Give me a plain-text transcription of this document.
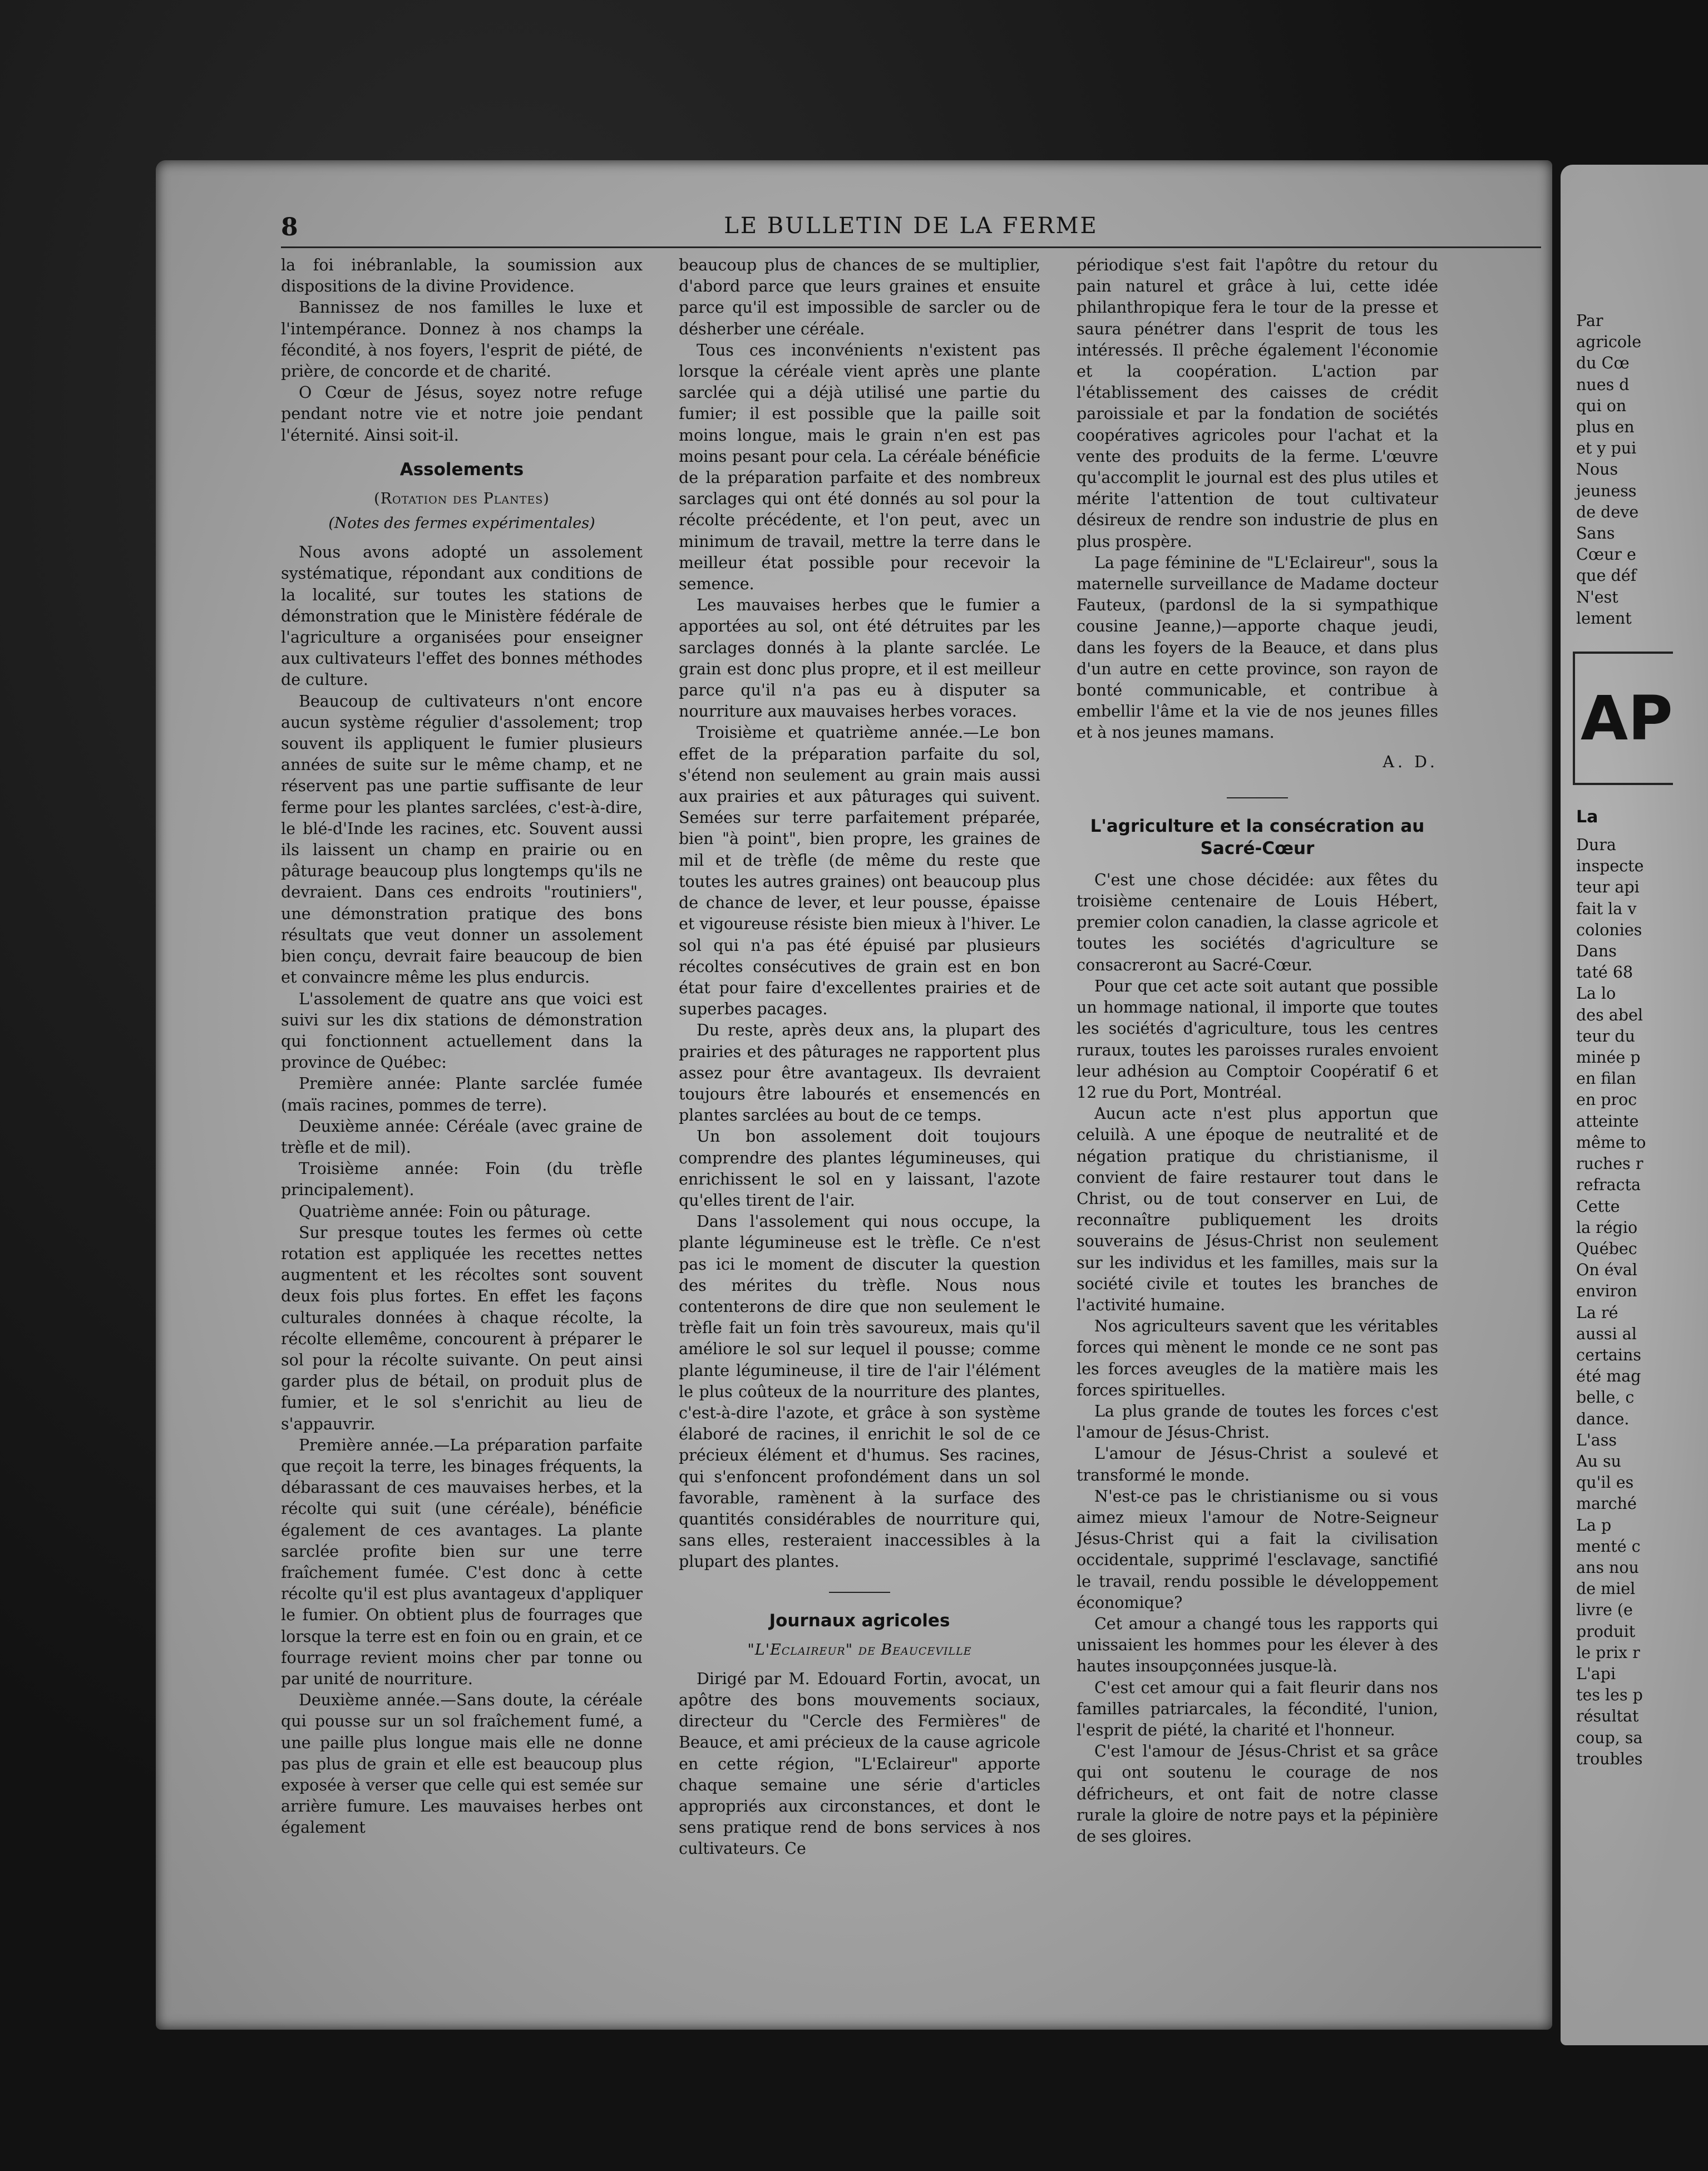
8	LE BULLETIN DE LA FERME

la foi inébranlable, la soumission aux dispositions de la divine Providence.

Bannissez de nos familles le luxe et l'intempérance. Donnez à nos champs la fécondité, à nos foyers, l'esprit de piété, de prière, de concorde et de charité.

O Cœur de Jésus, soyez notre refuge pendant notre vie et notre joie pendant l'éternité. Ainsi soit-il.

Assolements
(Rotation des Plantes)
(Notes des fermes expérimentales)

Nous avons adopté un assolement systématique, répondant aux conditions de la localité, sur toutes les stations de démonstration que le Ministère fédérale de l'agriculture a organisées pour enseigner aux cultivateurs l'effet des bonnes méthodes de culture.

Beaucoup de cultivateurs n'ont encore aucun système régulier d'assolement; trop souvent ils appliquent le fumier plusieurs années de suite sur le même champ, et ne réservent pas une partie suffisante de leur ferme pour les plantes sarclées, c'est-à-dire, le blé-d'Inde les racines, etc. Souvent aussi ils laissent un champ en prairie ou en pâturage beaucoup plus longtemps qu'ils ne devraient. Dans ces endroits "routiniers", une démonstration pratique des bons résultats que veut donner un assolement bien conçu, devrait faire beaucoup de bien et convaincre même les plus endurcis.

L'assolement de quatre ans que voici est suivi sur les dix stations de démonstration qui fonctionnent actuellement dans la province de Québec:

Première année: Plante sarclée fumée (maïs racines, pommes de terre).

Deuxième année: Céréale (avec graine de trèfle et de mil).

Troisième année: Foin (du trèfle principalement).

Quatrième année: Foin ou pâturage.

Sur presque toutes les fermes où cette rotation est appliquée les recettes nettes augmentent et les récoltes sont souvent deux fois plus fortes. En effet les façons culturales données à chaque récolte, la récolte ellemême, concourent à préparer le sol pour la récolte suivante. On peut ainsi garder plus de bétail, on produit plus de fumier, et le sol s'enrichit au lieu de s'appauvrir.

Première année.—La préparation parfaite que reçoit la terre, les binages fréquents, la débarassant de ces mauvaises herbes, et la récolte qui suit (une céréale), bénéficie également de ces avantages. La plante sarclée profite bien sur une terre fraîchement fumée. C'est donc à cette récolte qu'il est plus avantageux d'appliquer le fumier. On obtient plus de fourrages que lorsque la terre est en foin ou en grain, et ce fourrage revient moins cher par tonne ou par unité de nourriture.

Deuxième année.—Sans doute, la céréale qui pousse sur un sol fraîchement fumé, a une paille plus longue mais elle ne donne pas plus de grain et elle est beaucoup plus exposée à verser que celle qui est semée sur arrière fumure. Les mauvaises herbes ont également

beaucoup plus de chances de se multiplier, d'abord parce que leurs graines et ensuite parce qu'il est impossible de sarcler ou de désherber une céréale.

Tous ces inconvénients n'existent pas lorsque la céréale vient après une plante sarclée qui a déjà utilisé une partie du fumier; il est possible que la paille soit moins longue, mais le grain n'en est pas moins pesant pour cela. La céréale bénéficie de la préparation parfaite et des nombreux sarclages qui ont été donnés au sol pour la récolte précédente, et l'on peut, avec un minimum de travail, mettre la terre dans le meilleur état possible pour recevoir la semence.

Les mauvaises herbes que le fumier a apportées au sol, ont été détruites par les sarclages donnés à la plante sarclée. Le grain est donc plus propre, et il est meilleur parce qu'il n'a pas eu à disputer sa nourriture aux mauvaises herbes voraces.

Troisième et quatrième année.—Le bon effet de la préparation parfaite du sol, s'étend non seulement au grain mais aussi aux prairies et aux pâturages qui suivent. Semées sur terre parfaitement préparée, bien "à point", bien propre, les graines de mil et de trèfle (de même du reste que toutes les autres graines) ont beaucoup plus de chance de lever, et leur pousse, épaisse et vigoureuse résiste bien mieux à l'hiver. Le sol qui n'a pas été épuisé par plusieurs récoltes consécutives de grain est en bon état pour faire d'excellentes prairies et de superbes pacages.

Du reste, après deux ans, la plupart des prairies et des pâturages ne rapportent plus assez pour être avantageux. Ils devraient toujours être labourés et ensemencés en plantes sarclées au bout de ce temps.

Un bon assolement doit toujours comprendre des plantes légumineuses, qui enrichissent le sol en y laissant, l'azote qu'elles tirent de l'air.

Dans l'assolement qui nous occupe, la plante légumineuse est le trèfle. Ce n'est pas ici le moment de discuter la question des mérites du trèfle. Nous nous contenterons de dire que non seulement le trèfle fait un foin très savoureux, mais qu'il améliore le sol sur lequel il pousse; comme plante légumineuse, il tire de l'air l'élément le plus coûteux de la nourriture des plantes, c'est-à-dire l'azote, et grâce à son système élaboré de racines, il enrichit le sol de ce précieux élément et d'humus. Ses racines, qui s'enfoncent profondément dans un sol favorable, ramènent à la surface des quantités considérables de nourriture qui, sans elles, resteraient inaccessibles à la plupart des plantes.

Journaux agricoles
"L'Eclaireur" de Beauceville

Dirigé par M. Edouard Fortin, avocat, un apôtre des bons mouvements sociaux, directeur du "Cercle des Fermières" de Beauce, et ami précieux de la cause agricole en cette région, "L'Eclaireur" apporte chaque semaine une série d'articles appropriés aux circonstances, et dont le sens pratique rend de bons services à nos cultivateurs. Ce

périodique s'est fait l'apôtre du retour du pain naturel et grâce à lui, cette idée philanthropique fera le tour de la presse et saura pénétrer dans l'esprit de tous les intéressés. Il prêche également l'économie et la coopération. L'action par l'établissement des caisses de crédit paroissiale et par la fondation de sociétés coopératives agricoles pour l'achat et la vente des produits de la ferme. L'œuvre qu'accomplit le journal est des plus utiles et mérite l'attention de tout cultivateur désireux de rendre son industrie de plus en plus prospère.

La page féminine de "L'Eclaireur", sous la maternelle surveillance de Madame docteur Fauteux, (pardonsl de la si sympathique cousine Jeanne,)—apporte chaque jeudi, dans les foyers de la Beauce, et dans plus d'un autre en cette province, son rayon de bonté communicable, et contribue à embellir l'âme et la vie de nos jeunes filles et à nos jeunes mamans.

A. D.
L'agriculture et la consécration au Sacré-Cœur

C'est une chose décidée: aux fêtes du troisième centenaire de Louis Hébert, premier colon canadien, la classe agricole et toutes les sociétés d'agriculture se consacreront au Sacré-Cœur.

Pour que cet acte soit autant que possible un hommage national, il importe que toutes les sociétés d'agriculture, tous les centres ruraux, toutes les paroisses rurales envoient leur adhésion au Comptoir Coopératif 6 et 12 rue du Port, Montréal.

Aucun acte n'est plus apportun que celuilà. A une époque de neutralité et de négation pratique du christianisme, il convient de faire restaurer tout dans le Christ, ou de tout conserver en Lui, de reconnaître publiquement les droits souverains de Jésus-Christ non seulement sur les individus et les familles, mais sur la société civile et toutes les branches de l'activité humaine.

Nos agriculteurs savent que les véritables forces qui mènent le monde ce ne sont pas les forces aveugles de la matière mais les forces spirituelles.

La plus grande de toutes les forces c'est l'amour de Jésus-Christ.

L'amour de Jésus-Christ a soulevé et transformé le monde.

N'est-ce pas le christianisme ou si vous aimez mieux l'amour de Notre-Seigneur Jésus-Christ qui a fait la civilisation occidentale, supprimé l'esclavage, sanctifié le travail, rendu possible le développement économique?

Cet amour a changé tous les rapports qui unissaient les hommes pour les élever à des hautes insoupçonnées jusque-là.

C'est cet amour qui a fait fleurir dans nos familles patriarcales, la fécondité, l'union, l'esprit de piété, la charité et l'honneur.

C'est l'amour de Jésus-Christ et sa grâce qui ont soutenu le courage de nos défricheurs, et ont fait de notre classe rurale la gloire de notre pays et la pépinière de ses gloires.

Par
agricole
du Cœ
nues d
qui on
plus en
et y pui
Nous
jeuness
de deve
Sans
Cœur e
que déf
N'est
lement
AP
La
Dura
inspecte
teur api
fait la v
colonies
Dans
taté 68
La lo
des abel
teur du
minée p
en filan
en proc
atteinte
même to
ruches r
refracta
Cette
la régio
Québec
On éval
environ
La ré
aussi al
certains
été mag
belle, c
dance.
L'ass
Au su
qu'il es
marché
La p
menté c
ans nou
de miel
livre (e
produit
le prix r
L'api
tes les p
résultat
coup, sa
troubles
